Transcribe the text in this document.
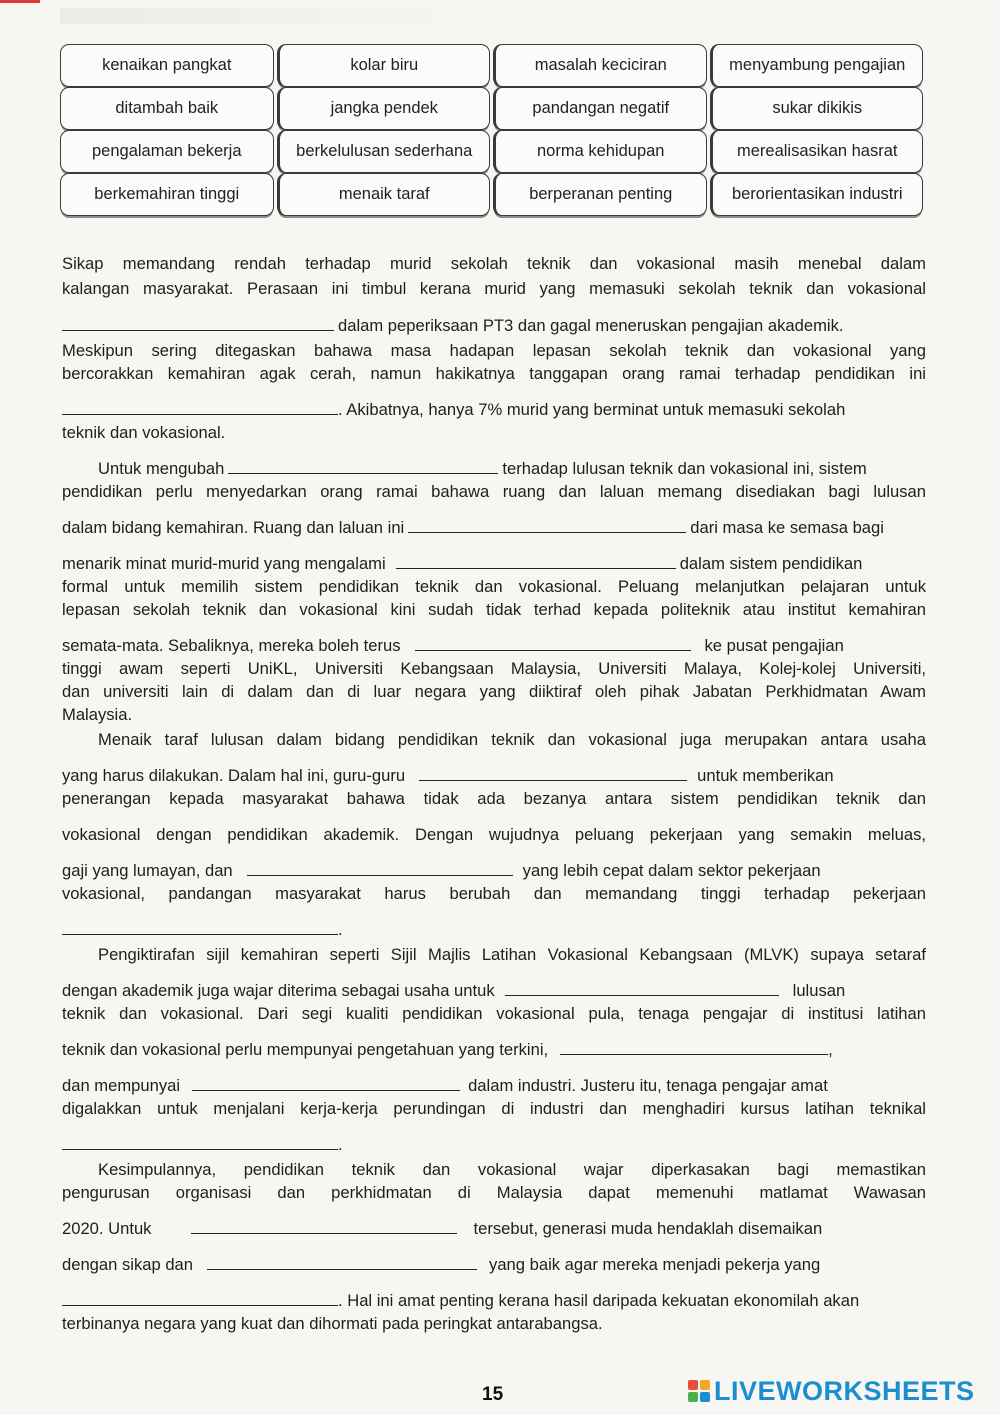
kenaikan pangkat	kolar biru	masalah keciciran	menyambung pengajian
ditambah baik	jangka pendek	pandangan negatif	sukar dikikis
pengalaman bekerja	berkelulusan sederhana	norma kehidupan	merealisasikan hasrat
berkemahiran tinggi	menaik taraf	berperanan penting	berorientasikan industri
Sikap memandang rendah terhadap murid sekolah teknik dan vokasional masih menebal dalam
kalangan masyarakat. Perasaan ini timbul kerana murid yang memasuki sekolah teknik dan vokasional
dalam peperiksaan PT3 dan gagal meneruskan pengajian akademik.
Meskipun sering ditegaskan bahawa masa hadapan lepasan sekolah teknik dan vokasional yang
bercorakkan kemahiran agak cerah, namun hakikatnya tanggapan orang ramai terhadap pendidikan ini
. Akibatnya, hanya 7% murid yang berminat untuk memasuki sekolah
teknik dan vokasional.
Untuk mengubah	terhadap lulusan teknik dan vokasional ini, sistem
pendidikan perlu menyedarkan orang ramai bahawa ruang dan laluan memang disediakan bagi lulusan
dalam bidang kemahiran. Ruang dan laluan ini	dari masa ke semasa bagi
menarik minat murid-murid yang mengalami	dalam sistem pendidikan
formal untuk memilih sistem pendidikan teknik dan vokasional. Peluang melanjutkan pelajaran untuk
lepasan sekolah teknik dan vokasional kini sudah tidak terhad kepada politeknik atau institut kemahiran
semata-mata. Sebaliknya, mereka boleh terus	ke pusat pengajian
tinggi awam seperti UniKL, Universiti Kebangsaan Malaysia, Universiti Malaya, Kolej-kolej Universiti,
dan universiti lain di dalam dan di luar negara yang diiktiraf oleh pihak Jabatan Perkhidmatan Awam
Malaysia.
Menaik taraf lulusan dalam bidang pendidikan teknik dan vokasional juga merupakan antara usaha
yang harus dilakukan. Dalam hal ini, guru-guru	untuk memberikan
penerangan kepada masyarakat bahawa tidak ada bezanya antara sistem pendidikan teknik dan
vokasional dengan pendidikan akademik. Dengan wujudnya peluang pekerjaan yang semakin meluas,
gaji yang lumayan, dan	yang lebih cepat dalam sektor pekerjaan
vokasional, pandangan masyarakat harus berubah dan memandang tinggi terhadap pekerjaan
.
Pengiktirafan sijil kemahiran seperti Sijil Majlis Latihan Vokasional Kebangsaan (MLVK) supaya setaraf
dengan akademik juga wajar diterima sebagai usaha untuk	lulusan
teknik dan vokasional. Dari segi kualiti pendidikan vokasional pula, tenaga pengajar di institusi latihan
teknik dan vokasional perlu mempunyai pengetahuan yang terkini,	,
dan mempunyai	dalam industri. Justeru itu, tenaga pengajar amat
digalakkan untuk menjalani kerja-kerja perundingan di industri dan menghadiri kursus latihan teknikal
.
Kesimpulannya, pendidikan teknik dan vokasional wajar diperkasakan bagi memastikan
pengurusan organisasi dan perkhidmatan di Malaysia dapat memenuhi matlamat Wawasan
2020. Untuk	tersebut, generasi muda hendaklah disemaikan
dengan sikap dan	yang baik agar mereka menjadi pekerja yang
. Hal ini amat penting kerana hasil daripada kekuatan ekonomilah akan
terbinanya negara yang kuat dan dihormati pada peringkat antarabangsa.
15	LIVEWORKSHEETS
